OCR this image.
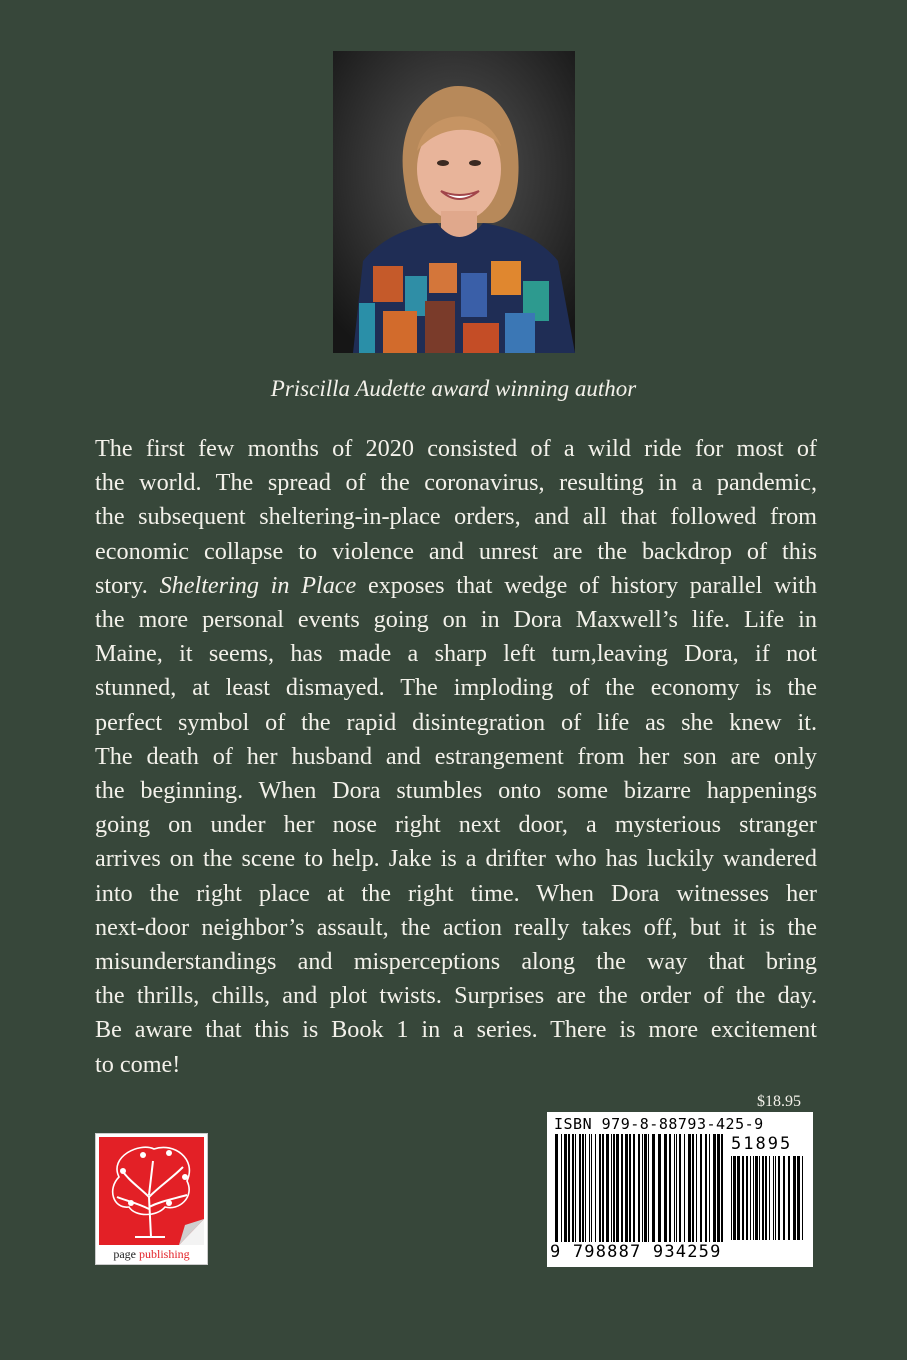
Priscilla Audette award winning author
The first few months of 2020 consisted of a wild ride for most of
the world. The spread of the coronavirus, resulting in a pandemic,
the subsequent sheltering-in-place orders, and all that followed from
economic collapse to violence and unrest are the backdrop of this
story. Sheltering in Place exposes that wedge of history parallel with
the more personal events going on in Dora Maxwell’s life. Life in
Maine, it seems, has made a sharp left turn,leaving Dora, if not
stunned, at least dismayed. The imploding of the economy is the
perfect symbol of the rapid disintegration of life as she knew it.
The death of her husband and estrangement from her son are only
the beginning. When Dora stumbles onto some bizarre happenings
going on under her nose right next door, a mysterious stranger
arrives on the scene to help. Jake is a drifter who has luckily wandered
into the right place at the right time. When Dora witnesses her
next-door neighbor’s assault, the action really takes off, but it is the
misunderstandings and misperceptions along the way that bring
the thrills, chills, and plot twists. Surprises are the order of the day.
Be aware that this is Book 1 in a series. There is more excitement
to come!
$18.95
ISBN 979-8-88793-425-9
51895
9 798887 934259
page publishing
